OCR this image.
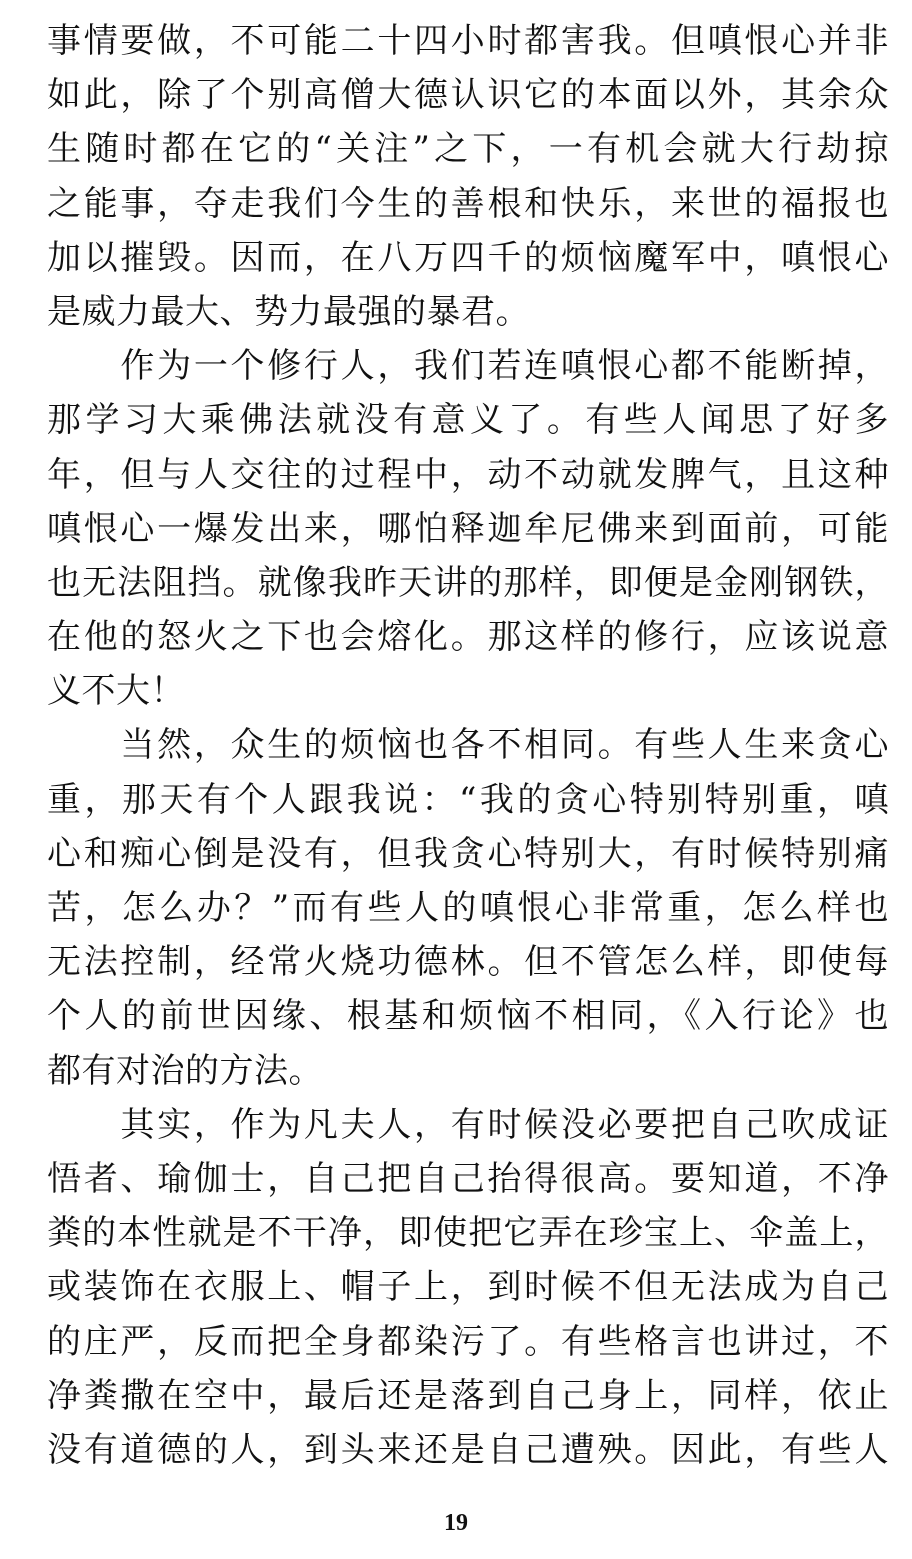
事情要做，不可能二十四小时都害我。但嗔恨心并非
如此，除了个别高僧大德认识它的本面以外，其余众
生随时都在它的“关注”之下，一有机会就大行劫掠
之能事，夺走我们今生的善根和快乐，来世的福报也
加以摧毁。因而，在八万四千的烦恼魔军中，嗔恨心
是威力最大、势力最强的暴君。
　　作为一个修行人，我们若连嗔恨心都不能断掉，
那学习大乘佛法就没有意义了。有些人闻思了好多
年，但与人交往的过程中，动不动就发脾气，且这种
嗔恨心一爆发出来，哪怕释迦牟尼佛来到面前，可能
也无法阻挡。就像我昨天讲的那样，即便是金刚钢铁，
在他的怒火之下也会熔化。那这样的修行，应该说意
义不大！
　　当然，众生的烦恼也各不相同。有些人生来贪心
重，那天有个人跟我说：“我的贪心特别特别重，嗔
心和痴心倒是没有，但我贪心特别大，有时候特别痛
苦，怎么办？”而有些人的嗔恨心非常重，怎么样也
无法控制，经常火烧功德林。但不管怎么样，即使每
个人的前世因缘、根基和烦恼不相同，《入行论》也
都有对治的方法。
　　其实，作为凡夫人，有时候没必要把自己吹成证
悟者、瑜伽士，自己把自己抬得很高。要知道，不净
粪的本性就是不干净，即使把它弄在珍宝上、伞盖上，
或装饰在衣服上、帽子上，到时候不但无法成为自己
的庄严，反而把全身都染污了。有些格言也讲过，不
净粪撒在空中，最后还是落到自己身上，同样，依止
没有道德的人，到头来还是自己遭殃。因此，有些人
19
